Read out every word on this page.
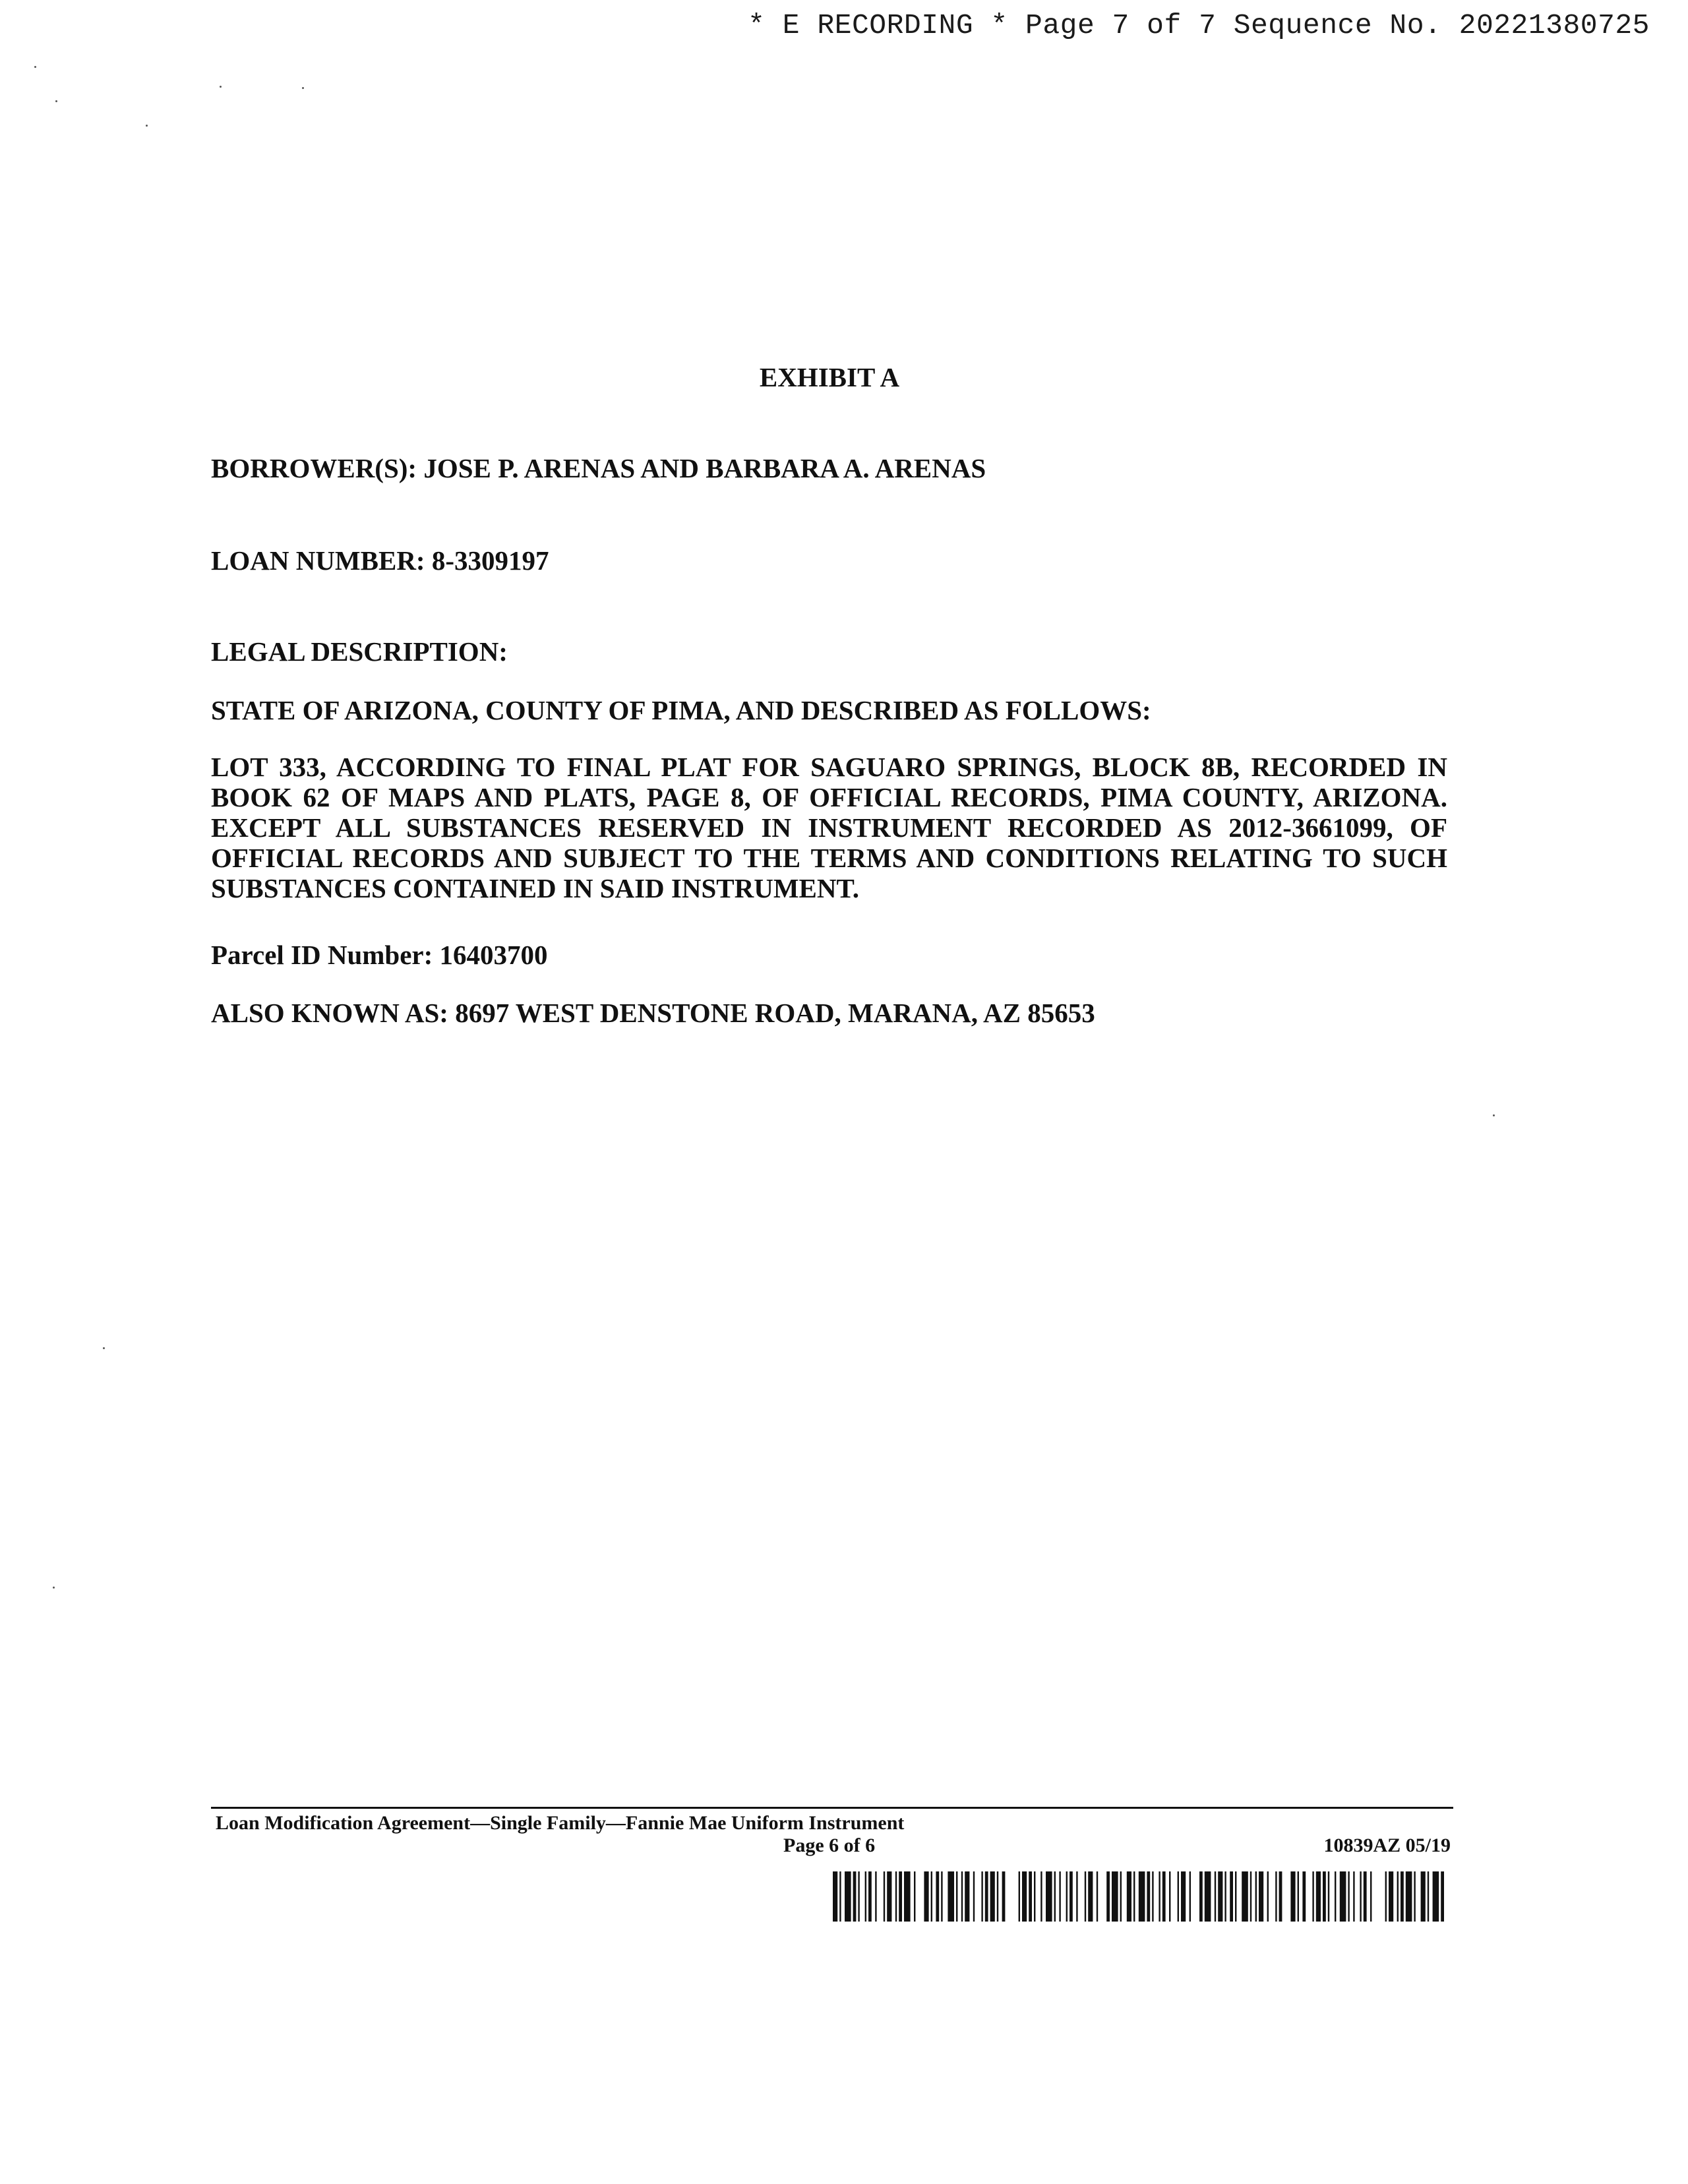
* E RECORDING * Page 7 of 7 Sequence No. 20221380725
EXHIBIT A
BORROWER(S): JOSE P. ARENAS AND BARBARA A. ARENAS
LOAN NUMBER: 8-3309197
LEGAL DESCRIPTION:
STATE OF ARIZONA, COUNTY OF PIMA, AND DESCRIBED AS FOLLOWS:
LOT 333, ACCORDING TO FINAL PLAT FOR SAGUARO SPRINGS, BLOCK 8B, RECORDED IN
BOOK 62 OF MAPS AND PLATS, PAGE 8, OF OFFICIAL RECORDS, PIMA COUNTY, ARIZONA.
EXCEPT ALL SUBSTANCES RESERVED IN INSTRUMENT RECORDED AS 2012-3661099, OF
OFFICIAL RECORDS AND SUBJECT TO THE TERMS AND CONDITIONS RELATING TO SUCH
SUBSTANCES CONTAINED IN SAID INSTRUMENT.
Parcel ID Number: 16403700
ALSO KNOWN AS: 8697 WEST DENSTONE ROAD, MARANA, AZ 85653
Loan Modification Agreement—Single Family—Fannie Mae Uniform Instrument
Page 6 of 6	10839AZ 05/19
